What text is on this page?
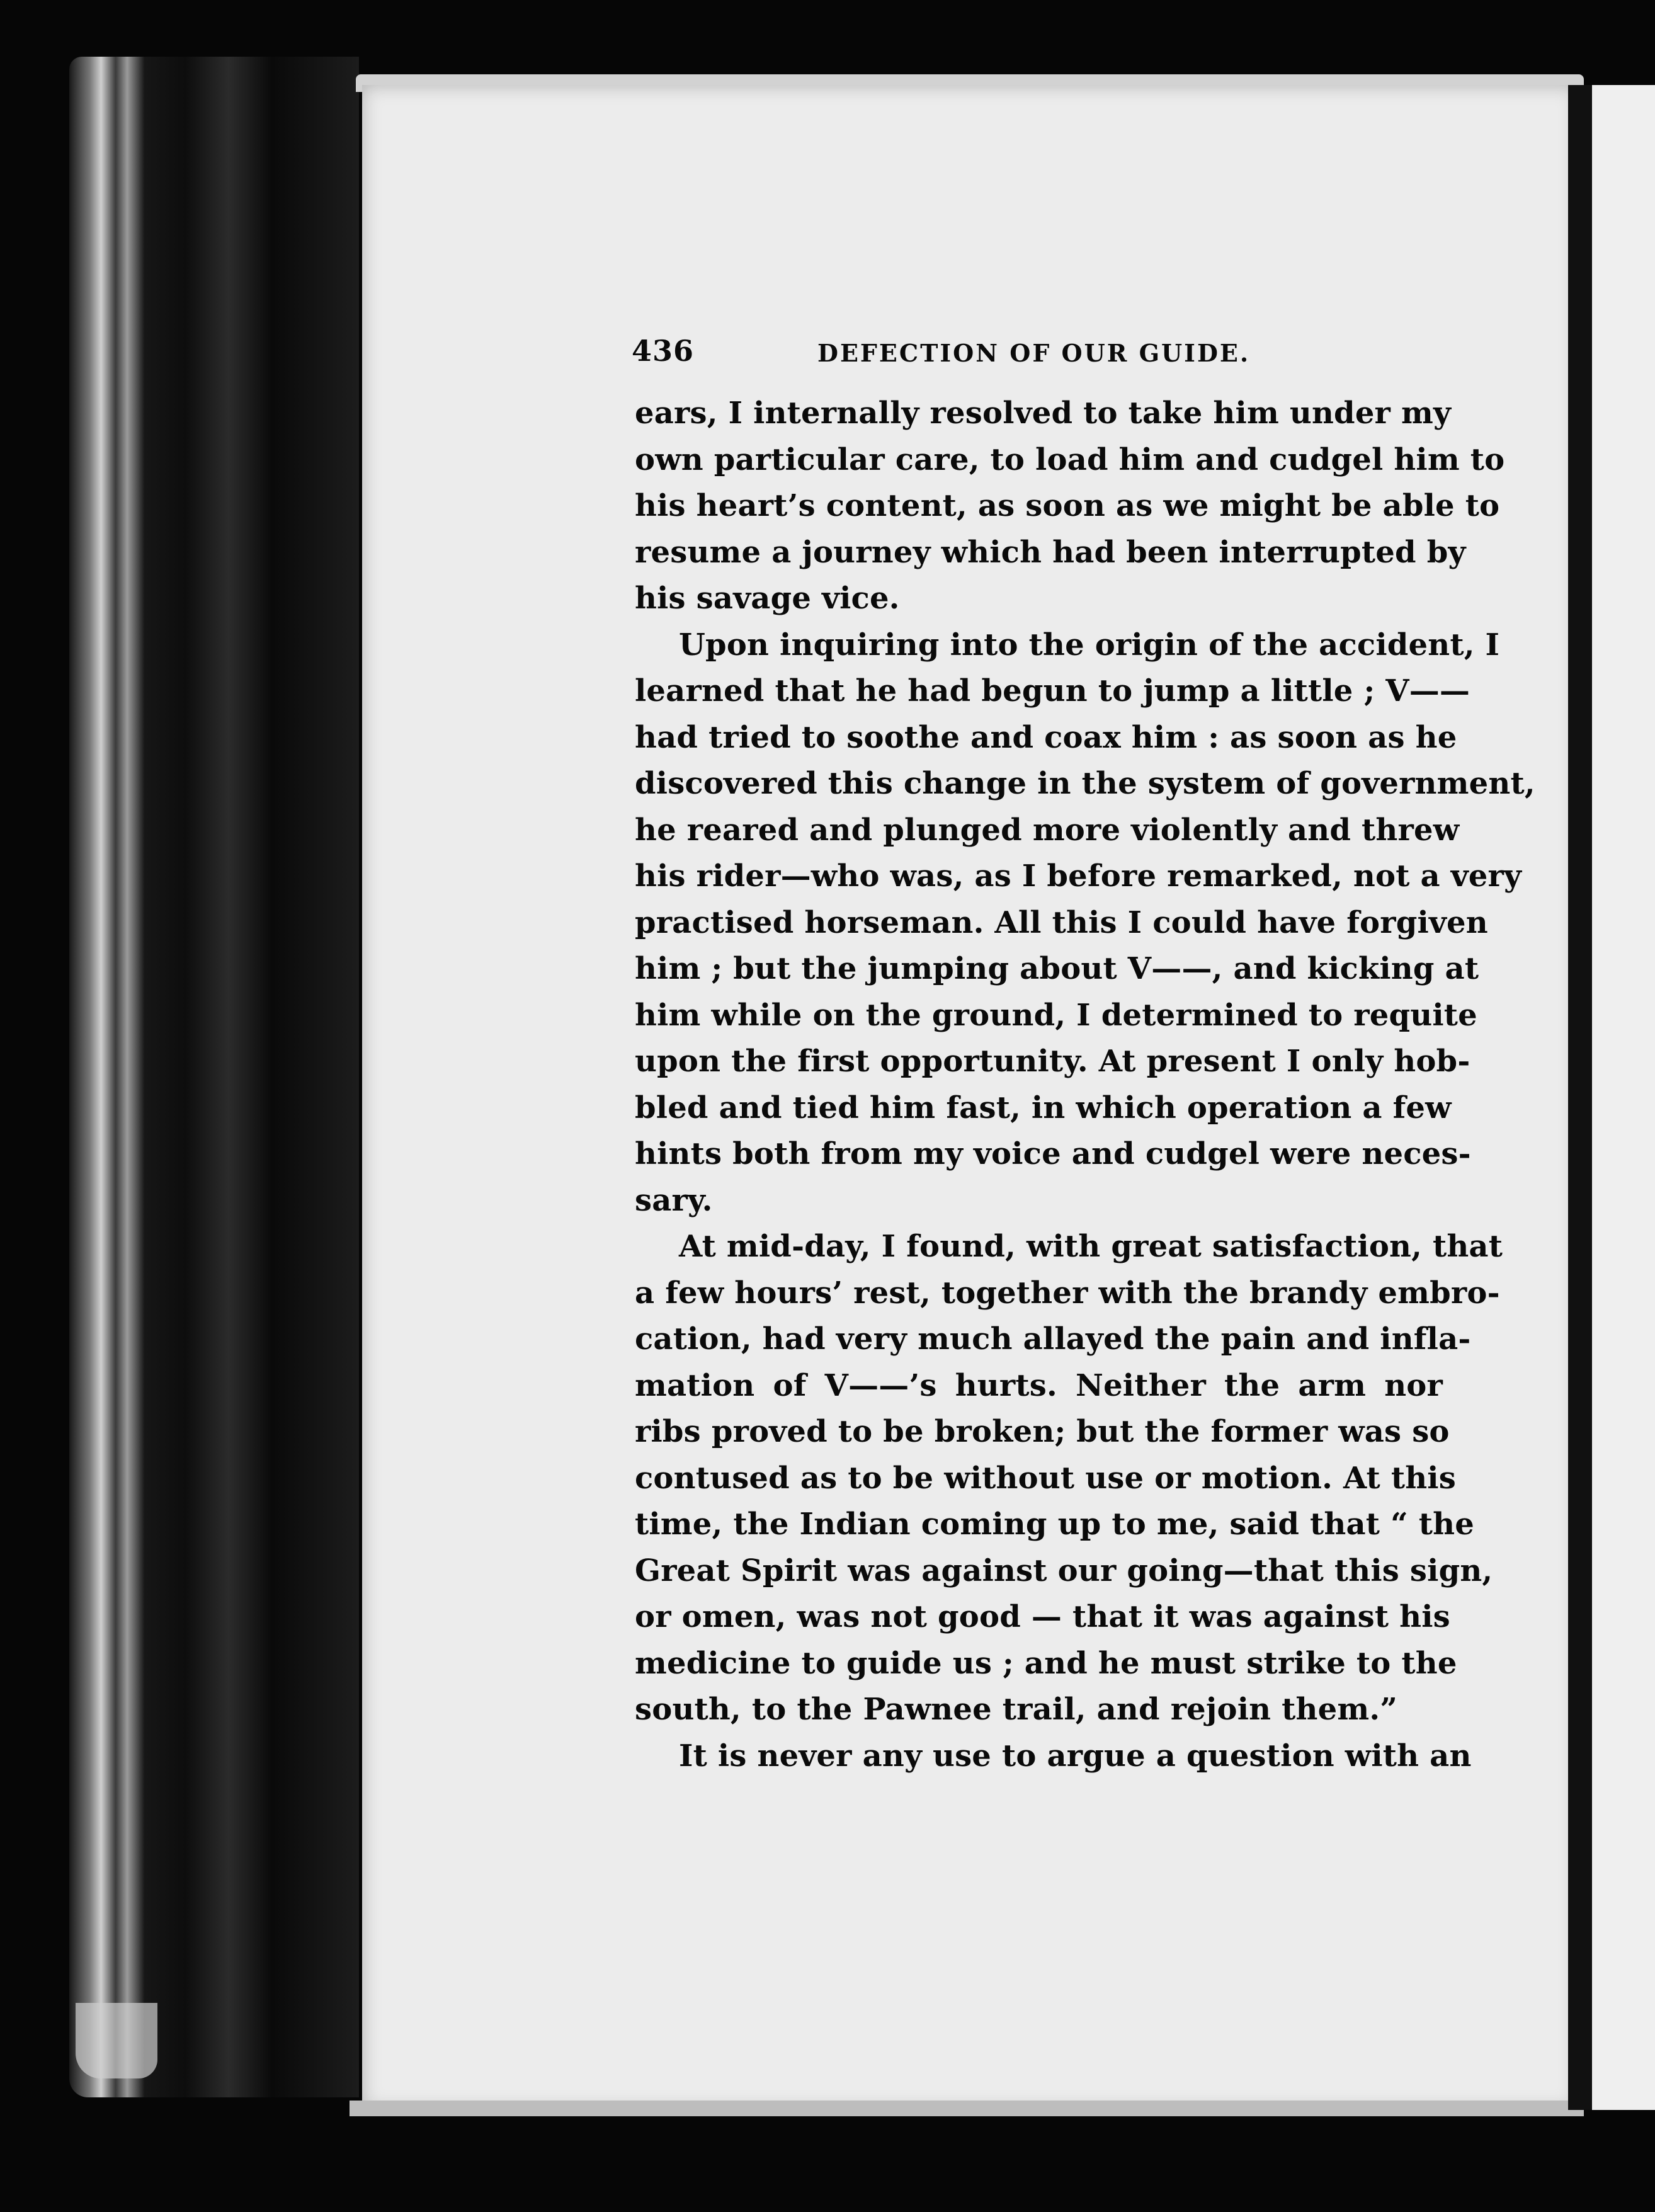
436	DEFECTION OF OUR GUIDE.
ears, I internally resolved to take him under my
own particular care, to load him and cudgel him to
his heart’s content, as soon as we might be able to
resume a journey which had been interrupted by
his savage vice.
Upon inquiring into the origin of the accident, I
learned that he had begun to jump a little ; V——
had tried to soothe and coax him : as soon as he
discovered this change in the system of government,
he reared and plunged more violently and threw
his rider—who was, as I before remarked, not a very
practised horseman. All this I could have forgiven
him ; but the jumping about V——, and kicking at
him while on the ground, I determined to requite
upon the first opportunity. At present I only hob-
bled and tied him fast, in which operation a few
hints both from my voice and cudgel were neces-
sary.
At mid-day, I found, with great satisfaction, that
a few hours’ rest, together with the brandy embro-
cation, had very much allayed the pain and infla-
mation of V——’s hurts. Neither the arm nor
ribs proved to be broken; but the former was so
contused as to be without use or motion. At this
time, the Indian coming up to me, said that “ the
Great Spirit was against our going—that this sign,
or omen, was not good — that it was against his
medicine to guide us ; and he must strike to the
south, to the Pawnee trail, and rejoin them.”
It is never any use to argue a question with an
